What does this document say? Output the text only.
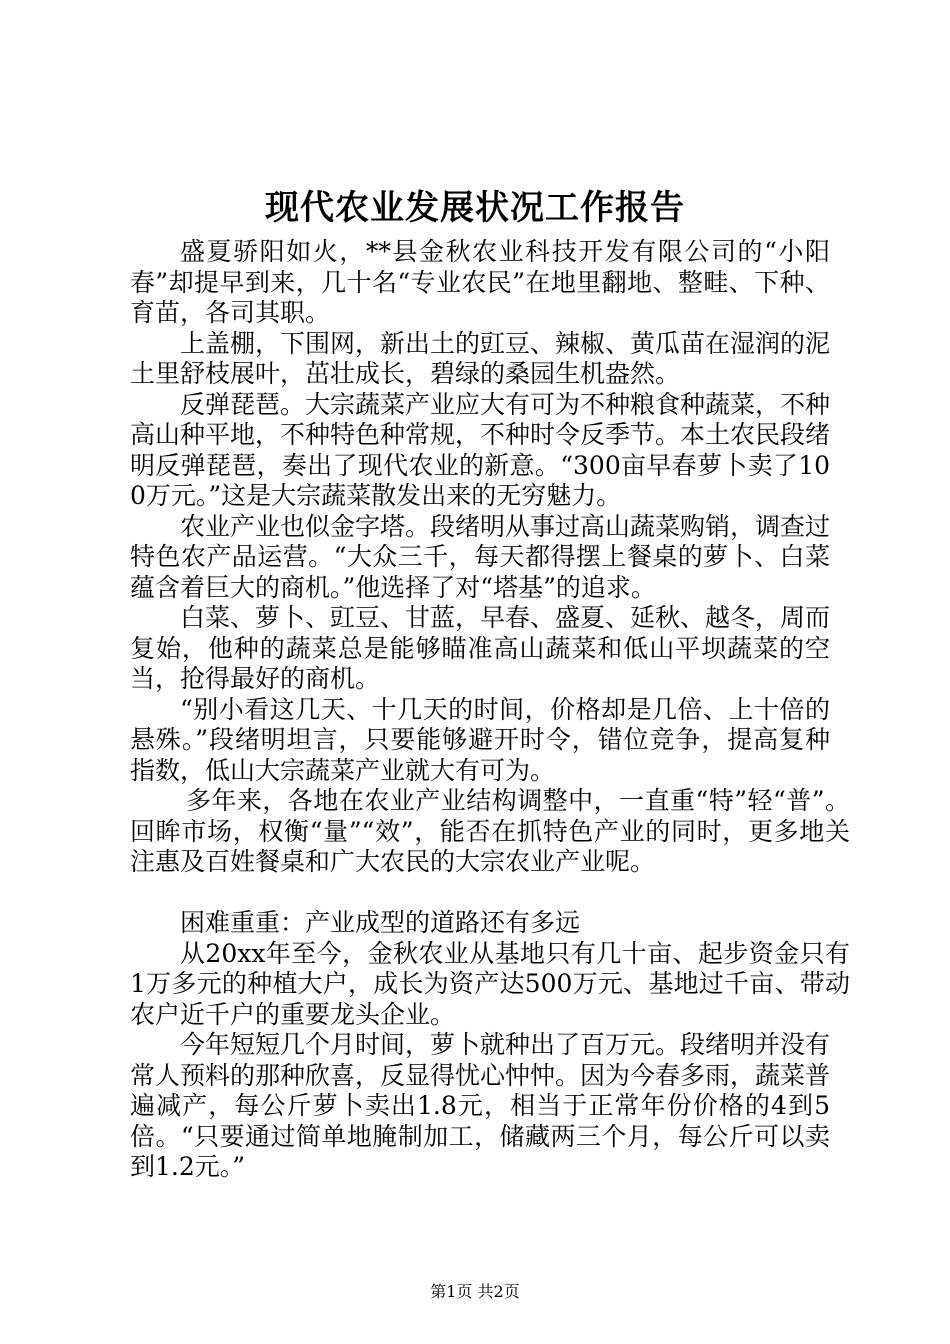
现代农业发展状况工作报告

盛夏骄阳如火，**县金秋农业科技开发有限公司的“小阳春”却提早到来，几十名“专业农民”在地里翻地、整畦、下种、育苗，各司其职。

上盖棚，下围网，新出土的豇豆、辣椒、黄瓜苗在湿润的泥土里舒枝展叶，茁壮成长，碧绿的桑园生机盎然。

反弹琵琶。大宗蔬菜产业应大有可为不种粮食种蔬菜，不种高山种平地，不种特色种常规，不种时令反季节。本土农民段绪明反弹琵琶，奏出了现代农业的新意。“300亩早春萝卜卖了100万元。”这是大宗蔬菜散发出来的无穷魅力。

农业产业也似金字塔。段绪明从事过高山蔬菜购销，调查过特色农产品运营。“大众三千，每天都得摆上餐桌的萝卜、白菜蕴含着巨大的商机。”他选择了对“塔基”的追求。

白菜、萝卜、豇豆、甘蓝，早春、盛夏、延秋、越冬，周而复始，他种的蔬菜总是能够瞄准高山蔬菜和低山平坝蔬菜的空当，抢得最好的商机。

“别小看这几天、十几天的时间，价格却是几倍、上十倍的悬殊。”段绪明坦言，只要能够避开时令，错位竞争，提高复种指数，低山大宗蔬菜产业就大有可为。

多年来，各地在农业产业结构调整中，一直重“特”轻“普”。回眸市场，权衡“量”“效”，能否在抓特色产业的同时，更多地关注惠及百姓餐桌和广大农民的大宗农业产业呢。

困难重重：产业成型的道路还有多远

从20xx年至今，金秋农业从基地只有几十亩、起步资金只有1万多元的种植大户，成长为资产达500万元、基地过千亩、带动农户近千户的重要龙头企业。

今年短短几个月时间，萝卜就种出了百万元。段绪明并没有常人预料的那种欣喜，反显得忧心忡忡。因为今春多雨，蔬菜普遍减产，每公斤萝卜卖出1.8元，相当于正常年份价格的4到5倍。“只要通过简单地腌制加工，储藏两三个月，每公斤可以卖到1.2元。”

第1页 共2页
